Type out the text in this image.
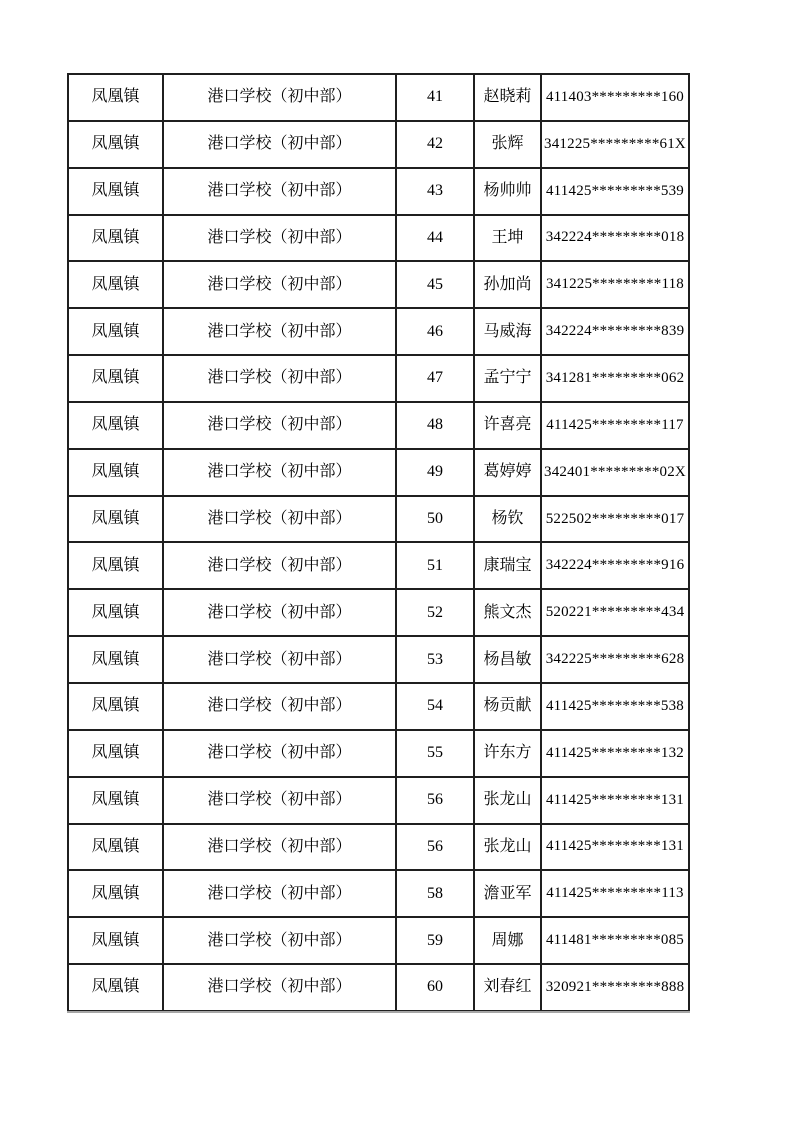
凤凰镇	港口学校（初中部）	41	赵晓莉	411403*********160
凤凰镇	港口学校（初中部）	42	张辉	341225*********61X
凤凰镇	港口学校（初中部）	43	杨帅帅	411425*********539
凤凰镇	港口学校（初中部）	44	王坤	342224*********018
凤凰镇	港口学校（初中部）	45	孙加尚	341225*********118
凤凰镇	港口学校（初中部）	46	马威海	342224*********839
凤凰镇	港口学校（初中部）	47	孟宁宁	341281*********062
凤凰镇	港口学校（初中部）	48	许喜亮	411425*********117
凤凰镇	港口学校（初中部）	49	葛婷婷	342401*********02X
凤凰镇	港口学校（初中部）	50	杨钦	522502*********017
凤凰镇	港口学校（初中部）	51	康瑞宝	342224*********916
凤凰镇	港口学校（初中部）	52	熊文杰	520221*********434
凤凰镇	港口学校（初中部）	53	杨昌敏	342225*********628
凤凰镇	港口学校（初中部）	54	杨贡献	411425*********538
凤凰镇	港口学校（初中部）	55	许东方	411425*********132
凤凰镇	港口学校（初中部）	56	张龙山	411425*********131
凤凰镇	港口学校（初中部）	56	张龙山	411425*********131
凤凰镇	港口学校（初中部）	58	澹亚军	411425*********113
凤凰镇	港口学校（初中部）	59	周娜	411481*********085
凤凰镇	港口学校（初中部）	60	刘春红	320921*********888
